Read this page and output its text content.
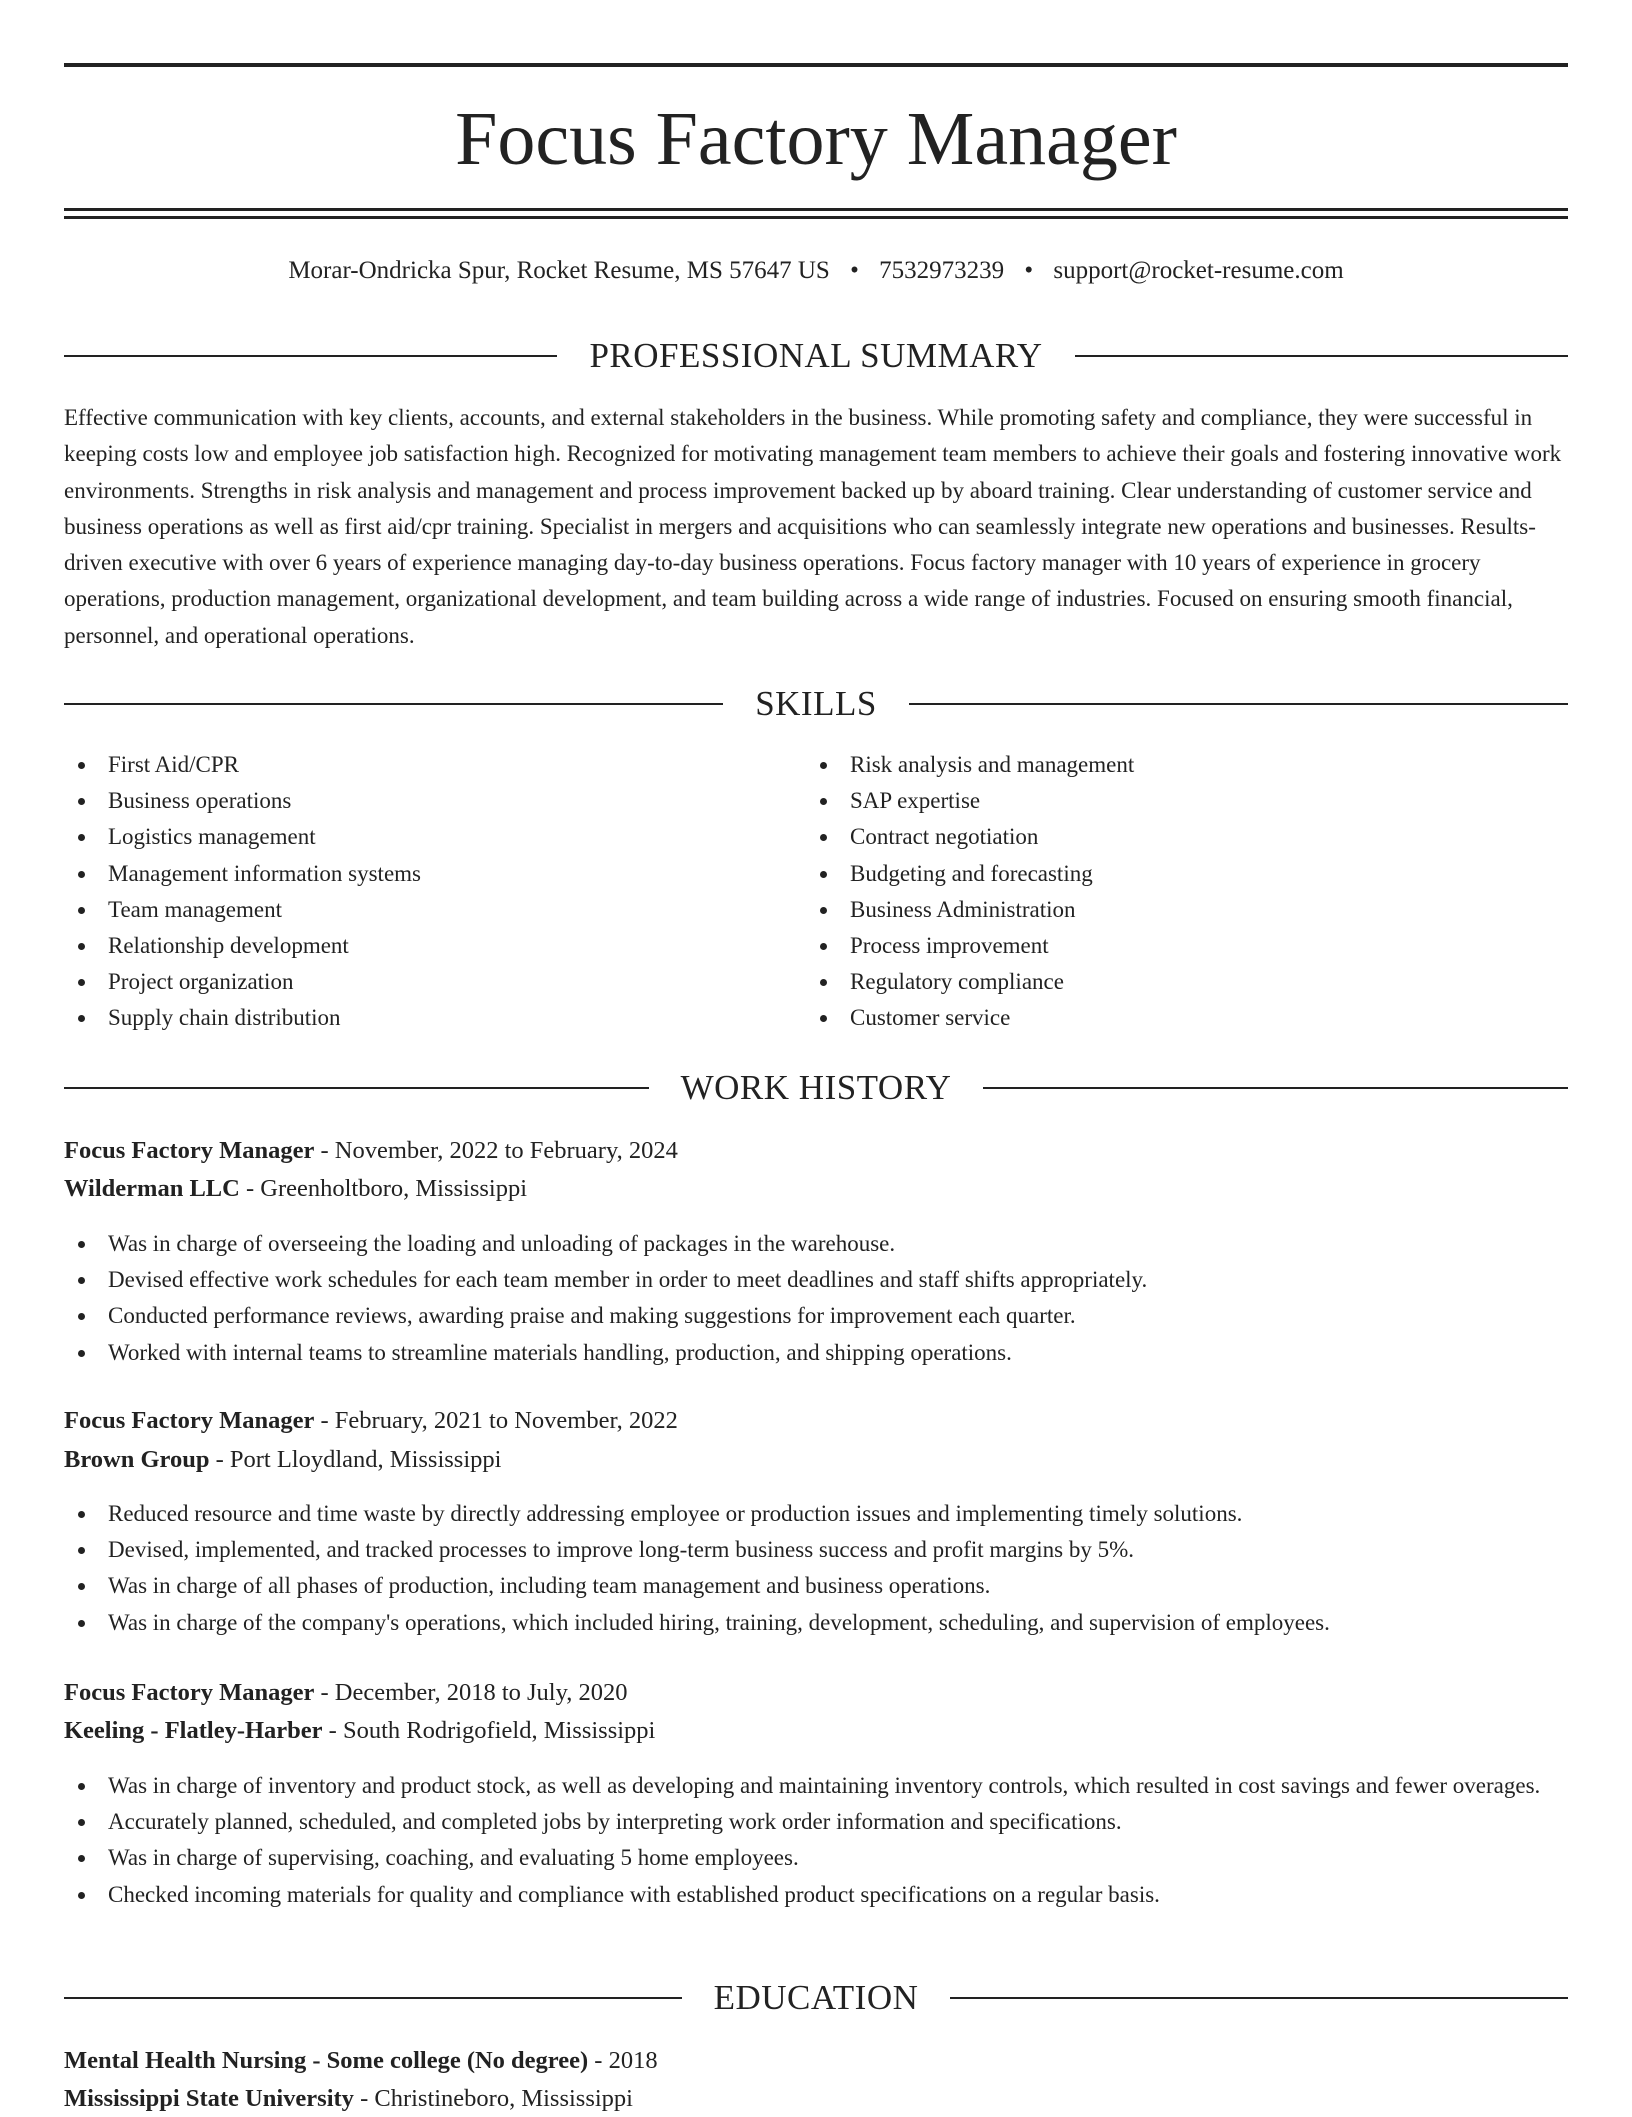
Focus Factory Manager
Morar-Ondricka Spur, Rocket Resume, MS 57647 US • 7532973239 • support@rocket-resume.com
PROFESSIONAL SUMMARY

Effective communication with key clients, accounts, and external stakeholders in the business. While promoting safety and compliance, they were successful in keeping costs low and employee job satisfaction high. Recognized for motivating management team members to achieve their goals and fostering innovative work environments. Strengths in risk analysis and management and process improvement backed up by aboard training. Clear understanding of customer service and business operations as well as first aid/cpr training. Specialist in mergers and acquisitions who can seamlessly integrate new operations and businesses. Results-driven executive with over 6 years of experience managing day-to-day business operations. Focus factory manager with 10 years of experience in grocery operations, production management, organizational development, and team building across a wide range of industries. Focused on ensuring smooth financial, personnel, and operational operations.

SKILLS
First Aid/CPR
Business operations
Logistics management
Management information systems
Team management
Relationship development
Project organization
Supply chain distribution
Risk analysis and management
SAP expertise
Contract negotiation
Budgeting and forecasting
Business Administration
Process improvement
Regulatory compliance
Customer service
WORK HISTORY
Focus Factory Manager - November, 2022 to February, 2024
Wilderman LLC - Greenholtboro, Mississippi
Was in charge of overseeing the loading and unloading of packages in the warehouse.
Devised effective work schedules for each team member in order to meet deadlines and staff shifts appropriately.
Conducted performance reviews, awarding praise and making suggestions for improvement each quarter.
Worked with internal teams to streamline materials handling, production, and shipping operations.
Focus Factory Manager - February, 2021 to November, 2022
Brown Group - Port Lloydland, Mississippi
Reduced resource and time waste by directly addressing employee or production issues and implementing timely solutions.
Devised, implemented, and tracked processes to improve long-term business success and profit margins by 5%.
Was in charge of all phases of production, including team management and business operations.
Was in charge of the company's operations, which included hiring, training, development, scheduling, and supervision of employees.
Focus Factory Manager - December, 2018 to July, 2020
Keeling - Flatley-Harber - South Rodrigofield, Mississippi
Was in charge of inventory and product stock, as well as developing and maintaining inventory controls, which resulted in cost savings and fewer overages.
Accurately planned, scheduled, and completed jobs by interpreting work order information and specifications.
Was in charge of supervising, coaching, and evaluating 5 home employees.
Checked incoming materials for quality and compliance with established product specifications on a regular basis.
EDUCATION
Mental Health Nursing - Some college (No degree) - 2018
Mississippi State University - Christineboro, Mississippi
